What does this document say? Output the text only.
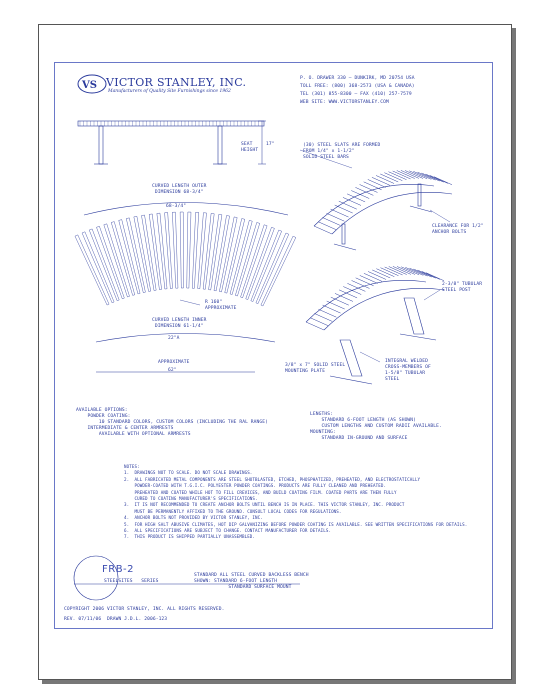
VS VICTOR STANLEY, INC.
Manufacturers of Quality Site Furnishings since 1962
P. O. DRAWER 330 – DUNKIRK, MD 20754 USA
TOLL FREE: (800) 368-2573 (USA & CANADA)
TEL (301) 855-8300 – FAX (410) 257-7579
WEB SITE: WWW.VICTORSTANLEY.COM
SEAT
HEIGHT
17"
CURVED LENGTH OUTER
DIMENSION 68-3/4"
68-3/4"
R 160"
APPROXIMATE
CURVED LENGTH INNER
DIMENSION 61-1/4"
22"A
APPROXIMATE
62"
(30) STEEL SLATS ARE FORMED
FROM 1/4" x 1-1/2"
SOLID STEEL BARS
CLEARANCE FOR 1/2"
ANCHOR BOLTS
2-3/8" TUBULAR
STEEL POST
3/8" x 7" SOLID STEEL
MOUNTING PLATE
INTEGRAL WELDED
CROSS-MEMBERS OF
1-5/8" TUBULAR
STEEL
AVAILABLE OPTIONS:
POWDER COATING:
10 STANDARD COLORS, CUSTOM COLORS (INCLUDING THE RAL RANGE)
INTERMEDIATE & CENTER ARMRESTS
AVAILABLE WITH OPTIONAL ARMRESTS
LENGTHS:
STANDARD 6-FOOT LENGTH (AS SHOWN)
CUSTOM LENGTHS AND CUSTOM RADII AVAILABLE.
MOUNTING:
STANDARD IN-GROUND AND SURFACE
NOTES:
1.  DRAWINGS NOT TO SCALE. DO NOT SCALE DRAWINGS.
2.  ALL FABRICATED METAL COMPONENTS ARE STEEL SHOTBLASTED, ETCHED, PHOSPHATIZED, PREHEATED, AND ELECTROSTATICALLY
POWDER-COATED WITH T.G.I.C. POLYESTER POWDER COATINGS. PRODUCTS ARE FULLY CLEANED AND PREHEATED.
PREHEATED AND COATED WHILE HOT TO FILL CREVICES, AND BUILD COATING FILM. COATED PARTS ARE THEN FULLY
CURED TO COATING MANUFACTURER'S SPECIFICATIONS.
3.  IT IS NOT RECOMMENDED TO CREATE ANCHOR BOLTS UNTIL BENCH IS IN PLACE. THIS VICTOR STANLEY, INC. PRODUCT
MUST BE PERMANENTLY AFFIXED TO THE GROUND. CONSULT LOCAL CODES FOR REGULATIONS.
4.  ANCHOR BOLTS NOT PROVIDED BY VICTOR STANLEY, INC.
5.  FOR HIGH SALT ABUSIVE CLIMATES, HOT DIP GALVANIZING BEFORE POWDER COATING IS AVAILABLE. SEE WRITTEN SPECIFICATIONS FOR DETAILS.
6.  ALL SPECIFICATIONS ARE SUBJECT TO CHANGE. CONTACT MANUFACTURER FOR DETAILS.
7.  THIS PRODUCT IS SHIPPED PARTIALLY UNASSEMBLED.
FRB-2
STEELSITES   SERIES
STANDARD ALL STEEL CURVED BACKLESS BENCH
SHOWN: STANDARD 6-FOOT LENGTH
STANDARD SURFACE MOUNT
COPYRIGHT 2006 VICTOR STANLEY, INC. ALL RIGHTS RESERVED.
REV. 07/11/06  DRAWN J.D.L. 2006-123
